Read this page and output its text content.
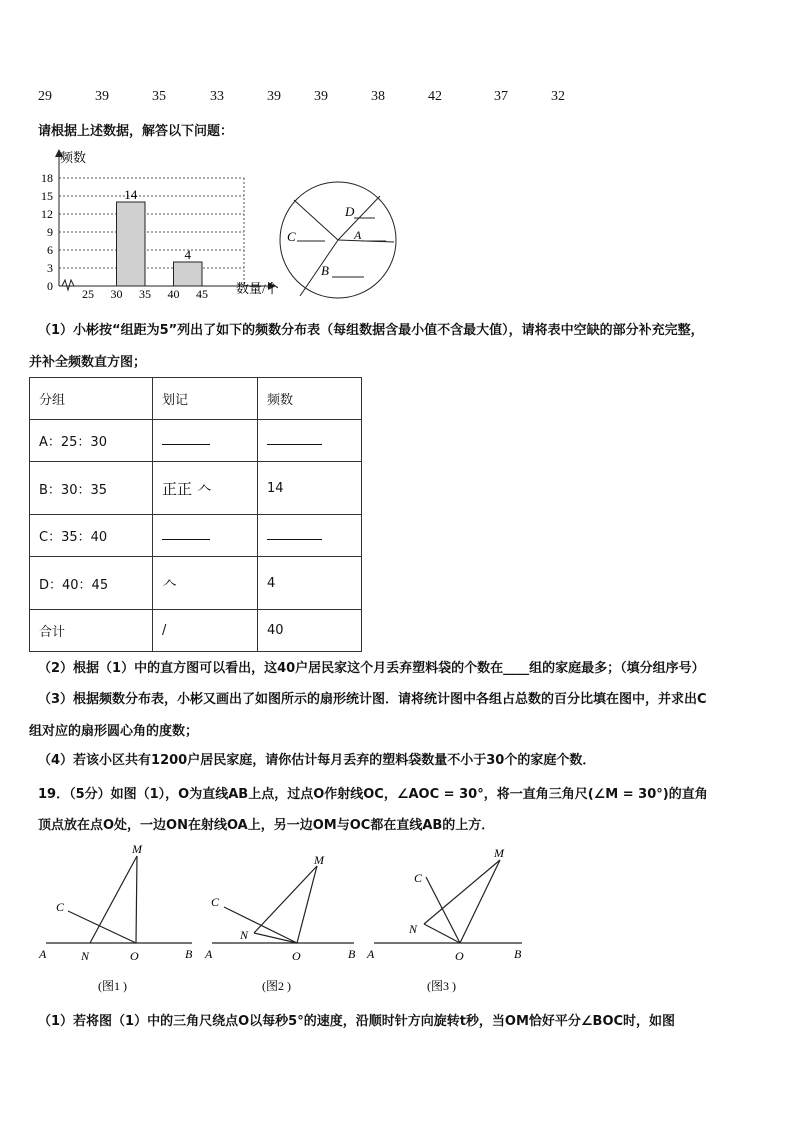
29	39	35	33	39 39	38	42	37	32
请根据上述数据，解答以下问题：
频数
数量/个
0
3
6
9
12
15
18
25 30 35 40 45
14
4
D
A
C
B
（1）小彬按“组距为5”列出了如下的频数分布表（每组数据含最小值不含最大值），请将表中空缺的部分补充完整，
并补全频数直方图；
分组	划记	频数
A：25：30		
B：30：35	正正 𠆢	14
C：35：40		
D：40：45	𠆢	4
合计	/	40
（2）根据（1）中的直方图可以看出，这40户居民家这个月丢弃塑料袋的个数在____组的家庭最多；（填分组序号）
（3）根据频数分布表，小彬又画出了如图所示的扇形统计图．请将统计图中各组占总数的百分比填在图中，并求出C
组对应的扇形圆心角的度数；
（4）若该小区共有1200户居民家庭，请你估计每月丢弃的塑料袋数量不小于30个的家庭个数．
19．（5分）如图（1），O为直线AB上点，过点O作射线OC，∠AOC = 30°，将一直角三角尺(∠M = 30°)的直角
顶点放在点O处，一边ON在射线OA上，另一边OM与OC都在直线AB的上方．
A	N	O	B
M
C
(图1 )
A
N
O	B
M
C
(图2 )
A
N
O	B
M
C
(图3 )
（1）若将图（1）中的三角尺绕点O以每秒5°的速度，沿顺时针方向旋转t秒，当OM恰好平分∠BOC时，如图
